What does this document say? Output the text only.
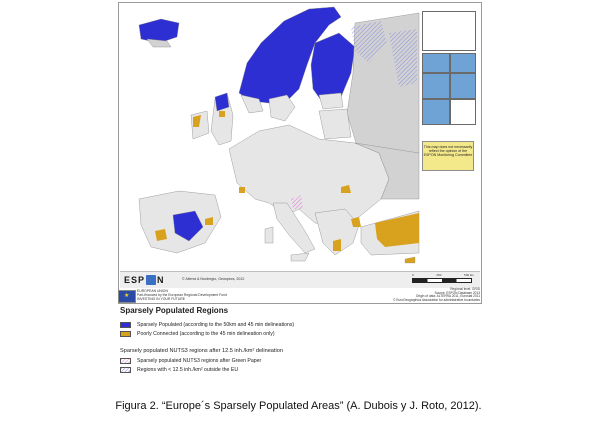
This map does not necessarily reflect the opinion of the ESPON Monitoring Committee
ESP N	© Alterra & Nordregio, Geospecs, 2012
0	250	500 km
★
EUROPEAN UNION
Part-financed by the European Regional Development Fund
INVESTING IN YOUR FUTURE
Regional level: GRID
Source: ESPON Database 2013
Origin of data: ALTERRA 2011, Eurostat 2011
© EuroGeographics Association for administrative boundaries
Sparsely Populated Regions
Sparsely Populated (according to the 50km and 45 min delineations)
Poorly Connected (according to the 45 min delineation only)
Sparsely populated NUTS3 regions after 12.5 inh./km² delineation
Sparsely populated NUTS3 regions after Green Paper
Regions with < 12.5 inh./km² outside the EU
Figura 2. “Europe´s Sparsely Populated Areas” (A. Dubois y J. Roto, 2012).
